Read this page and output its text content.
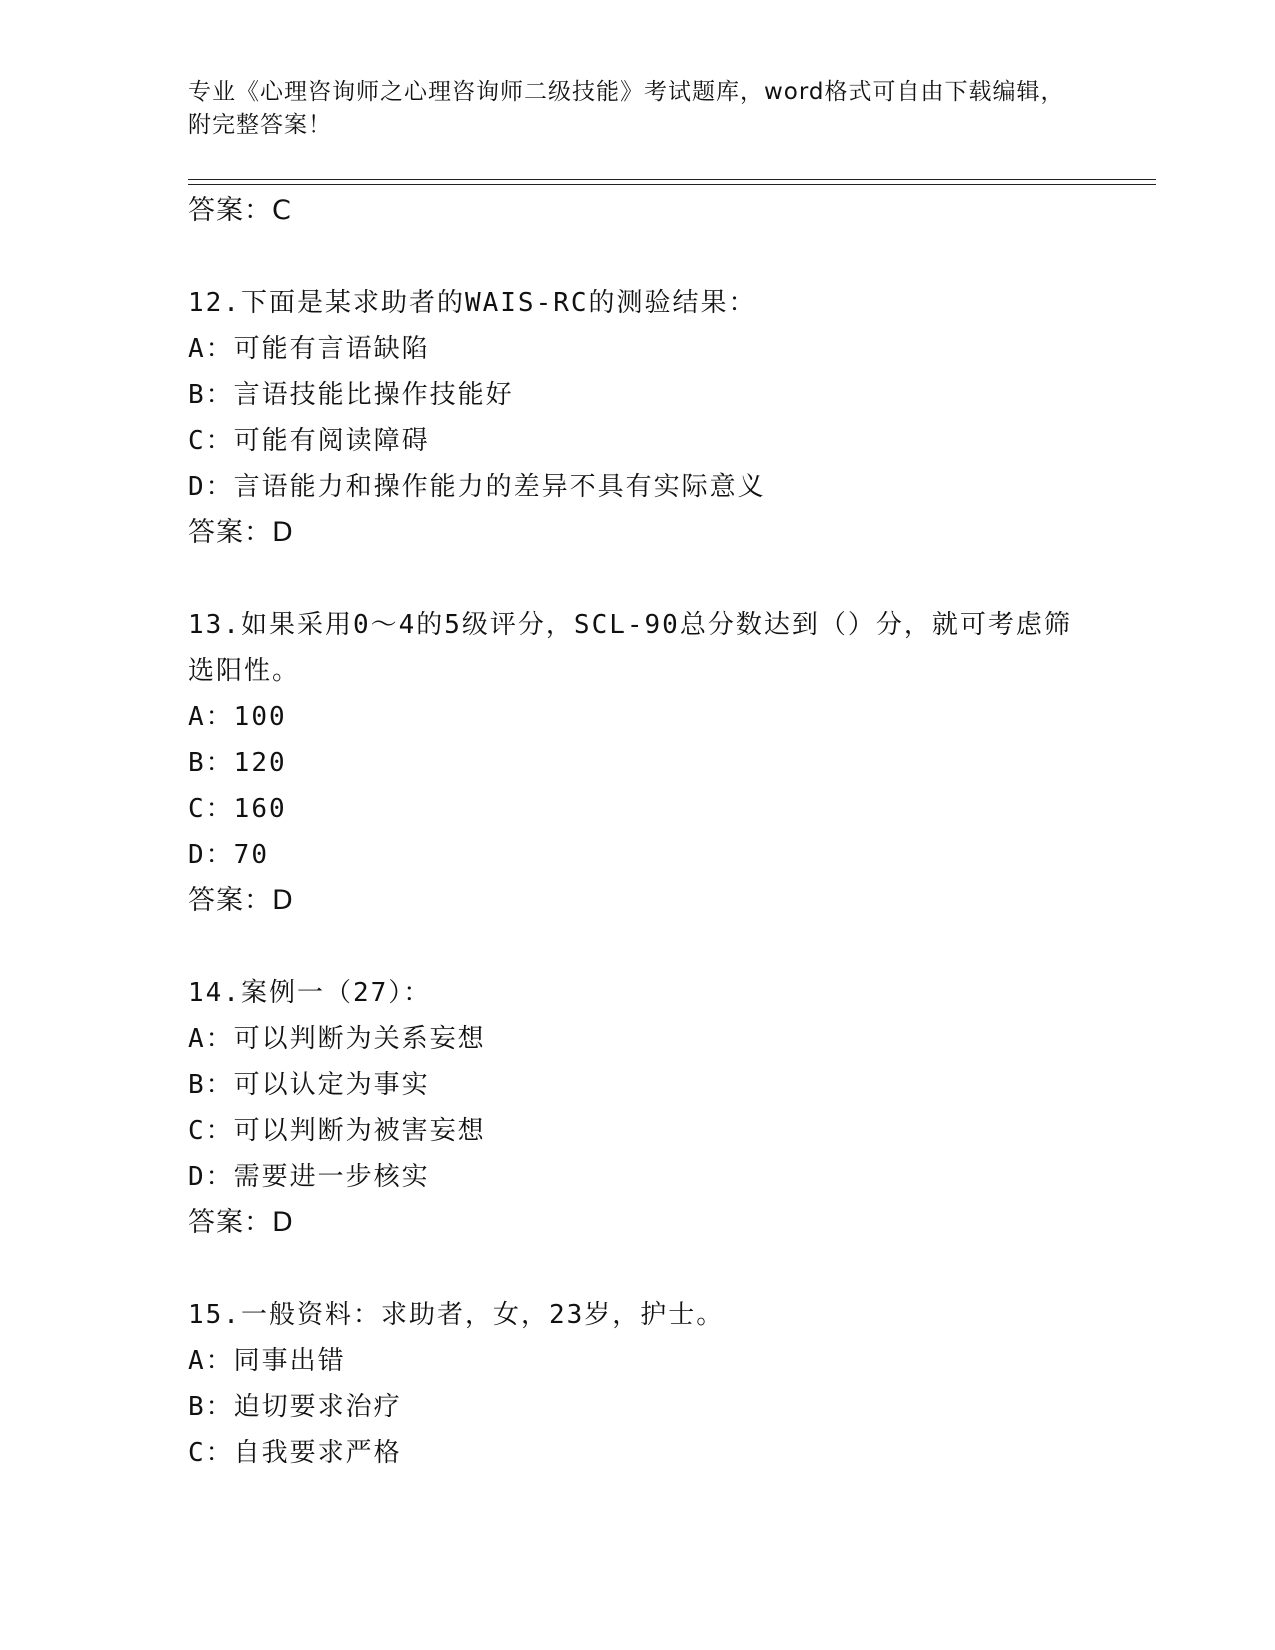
专业《心理咨询师之心理咨询师二级技能》考试题库，word格式可自由下载编辑，附完整答案！
答案：C
12.下面是某求助者的WAIS-RC的测验结果：
A：可能有言语缺陷
B：言语技能比操作技能好
C：可能有阅读障碍
D：言语能力和操作能力的差异不具有实际意义
答案：D
13.如果采用0～4的5级评分，SCL-90总分数达到（）分，就可考虑筛选阳性。
A：100
B：120
C：160
D：70
答案：D
14.案例一（27）：
A：可以判断为关系妄想
B：可以认定为事实
C：可以判断为被害妄想
D：需要进一步核实
答案：D
15.一般资料：求助者，女，23岁，护士。
A：同事出错
B：迫切要求治疗
C：自我要求严格
